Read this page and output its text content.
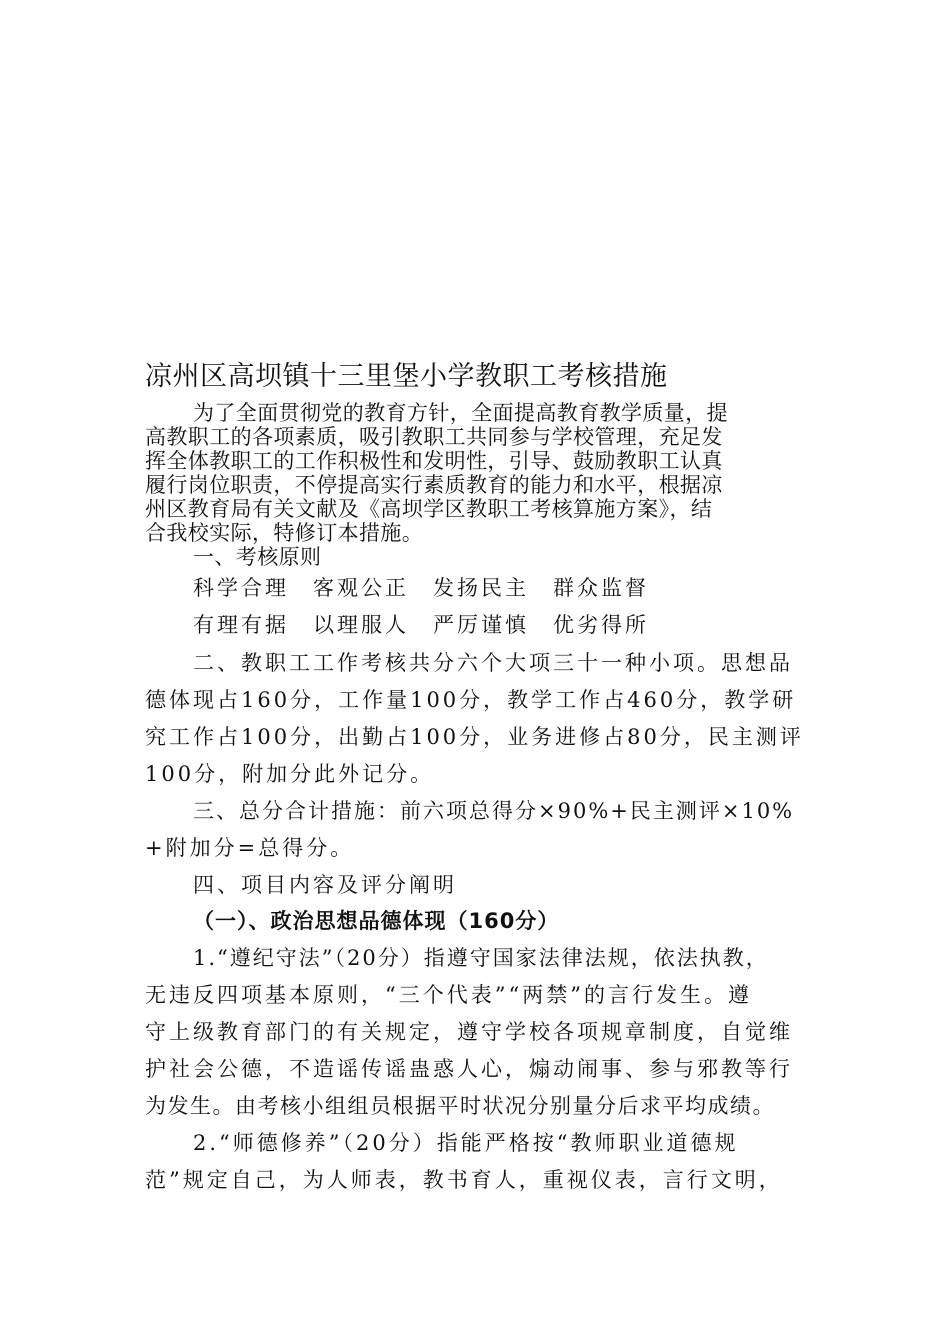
凉州区高坝镇十三里堡小学教职工考核措施
为了全面贯彻党的教育方针，全面提高教育教学质量，提
高教职工的各项素质，吸引教职工共同参与学校管理，充足发
挥全体教职工的工作积极性和发明性，引导、鼓励教职工认真
履行岗位职责，不停提高实行素质教育的能力和水平，根据凉
州区教育局有关文献及《高坝学区教职工考核算施方案》，结
合我校实际，特修订本措施。
一、考核原则
科学合理　客观公正　发扬民主　群众监督
有理有据　以理服人　严厉谨慎　优劣得所
二、教职工工作考核共分六个大项三十一种小项。思想品
德体现占160分，工作量100分，教学工作占460分，教学研
究工作占100分，出勤占100分，业务进修占80分，民主测评
100分，附加分此外记分。
三、总分合计措施：前六项总得分×90%+民主测评×10%
+附加分=总得分。
四、项目内容及评分阐明
（一）、政治思想品德体现（160分）
1.“遵纪守法”（20分）指遵守国家法律法规，依法执教，
无违反四项基本原则，“三个代表”“两禁”的言行发生。遵
守上级教育部门的有关规定，遵守学校各项规章制度，自觉维
护社会公德，不造谣传谣蛊惑人心，煽动闹事、参与邪教等行
为发生。由考核小组组员根据平时状况分别量分后求平均成绩。
2.“师德修养”（20分）指能严格按“教师职业道德规
范”规定自己，为人师表，教书育人，重视仪表，言行文明，
